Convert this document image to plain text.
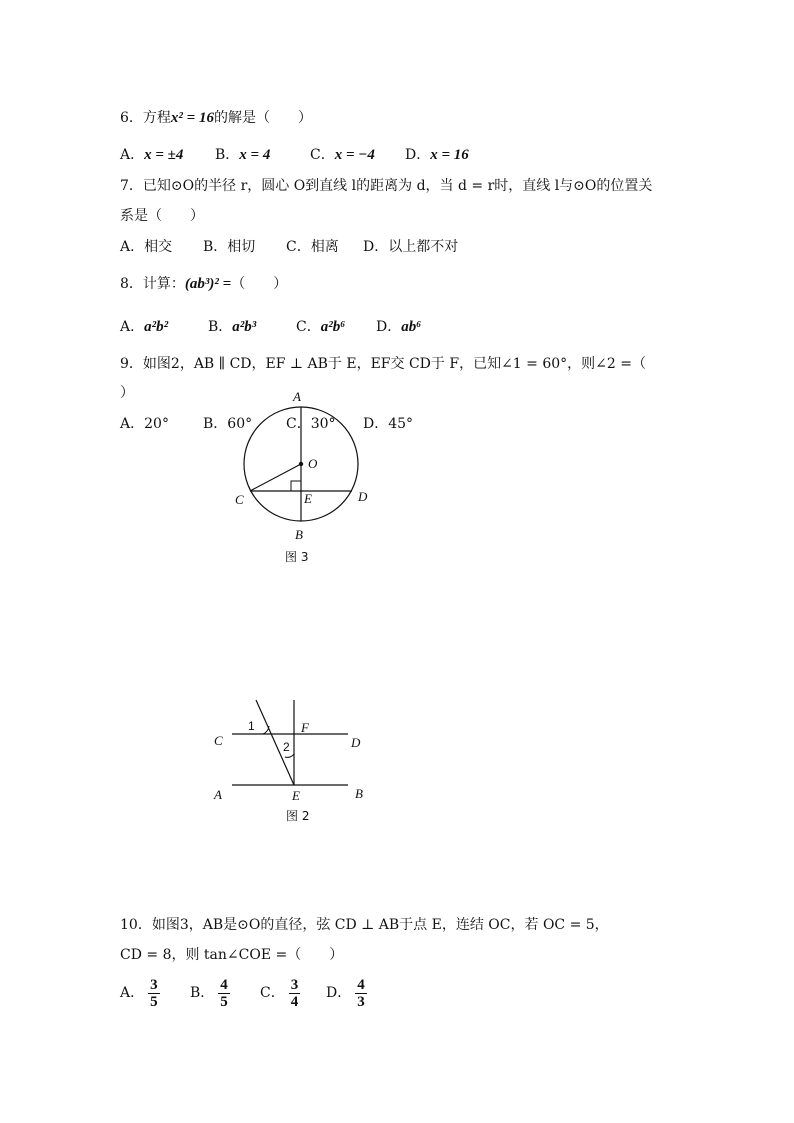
6．方程x² = 16的解是（　　）
A．x = ±4 B．x = 4	C．x = −4 D．x = 16
7．已知⊙O的半径 r，圆心 O到直线 l的距离为 d，当 d = r时，直线 l与⊙O的位置关
系是（　　）
A．相交 B．相切 C．相离 D．以上都不对
8．计算：(ab³)² =（　　）
A．a²b²	B．a²b³	C．a²b⁶ D．ab⁶
9．如图2，AB ∥ CD，EF ⊥ AB于 E，EF交 CD于 F，已知∠1 = 60°，则∠2 =（
）
A．20° B．60° C．30° D．45°
A
B
C	D
E
O
图 3
C	D
A	B
E
F
1
2
图 2
10．如图3，AB是⊙O的直径，弦 CD ⊥ AB于点 E，连结 OC，若 OC = 5，
CD = 8，则 tan∠COE =（　　）
A． $\frac{3}{5}$ B． $\frac{4}{5}$ C． $\frac{3}{4}$ D． $\frac{4}{3}$
